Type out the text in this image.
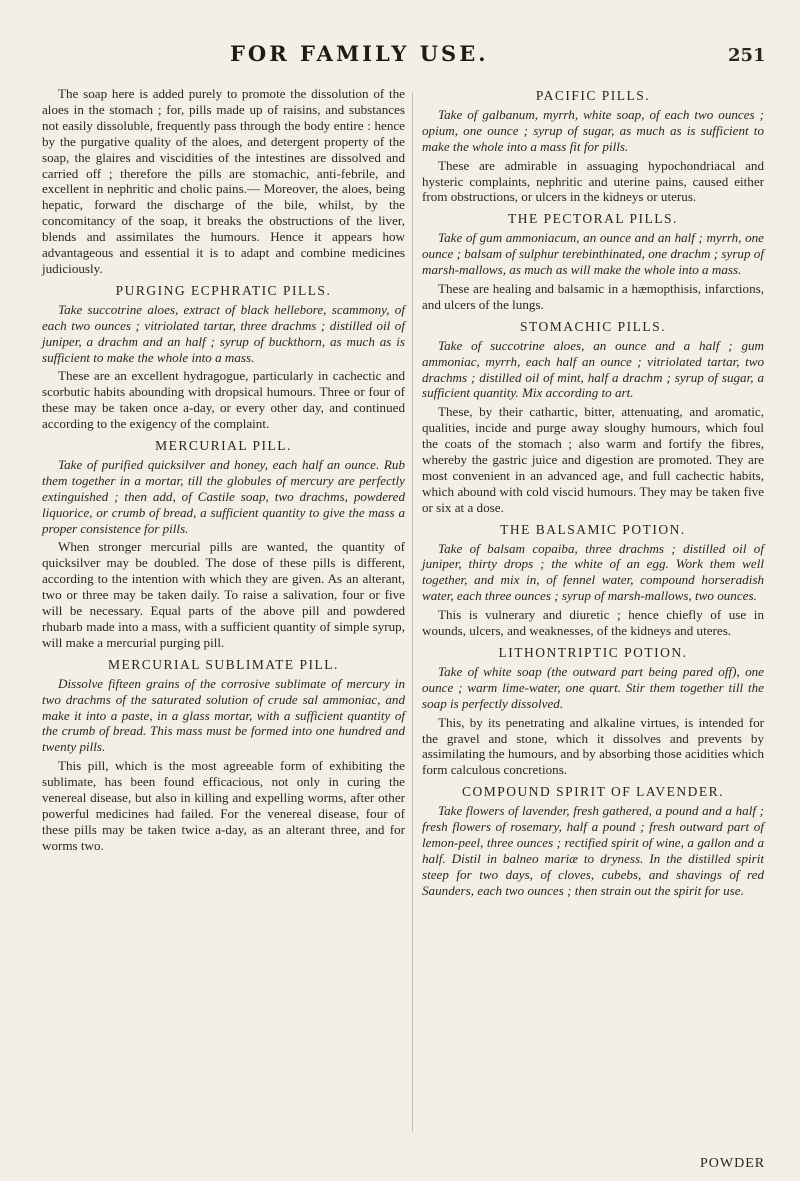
FOR FAMILY USE.	251

The soap here is added purely to promote the dissolution of the aloes in the stomach ; for, pills made up of raisins, and substances not easily dissoluble, frequently pass through the body entire : hence by the purgative quality of the aloes, and detergent property of the soap, the glaires and viscidities of the intestines are dissolved and carried off ; therefore the pills are stomachic, anti-febrile, and excellent in nephritic and cholic pains.— Moreover, the aloes, being hepatic, forward the discharge of the bile, whilst, by the concomitancy of the soap, it breaks the obstructions of the liver, blends and assimilates the humours. Hence it appears how advantageous and essential it is to adapt and combine medicines judiciously.

PURGING ECPHRATIC PILLS.

Take succotrine aloes, extract of black hellebore, scammony, of each two ounces ; vitriolated tartar, three drachms ; distilled oil of juniper, a drachm and an half ; syrup of buckthorn, as much as is sufficient to make the whole into a mass.

These are an excellent hydragogue, particularly in cachectic and scorbutic habits abounding with dropsical humours. Three or four of these may be taken once a-day, or every other day, and continued according to the exigency of the complaint.

MERCURIAL PILL.

Take of purified quicksilver and honey, each half an ounce. Rub them together in a mortar, till the globules of mercury are perfectly extinguished ; then add, of Castile soap, two drachms, powdered liquorice, or crumb of bread, a sufficient quantity to give the mass a proper consistence for pills.

When stronger mercurial pills are wanted, the quantity of quicksilver may be doubled. The dose of these pills is different, according to the intention with which they are given. As an alterant, two or three may be taken daily. To raise a salivation, four or five will be necessary. Equal parts of the above pill and powdered rhubarb made into a mass, with a sufficient quantity of simple syrup, will make a mercurial purging pill.

MERCURIAL SUBLIMATE PILL.

Dissolve fifteen grains of the corrosive sublimate of mercury in two drachms of the saturated solution of crude sal ammoniac, and make it into a paste, in a glass mortar, with a sufficient quantity of the crumb of bread. This mass must be formed into one hundred and twenty pills.

This pill, which is the most agreeable form of exhibiting the sublimate, has been found efficacious, not only in curing the venereal disease, but also in killing and expelling worms, after other powerful medicines had failed. For the venereal disease, four of these pills may be taken twice a-day, as an alterant three, and for worms two.

PACIFIC PILLS.

Take of galbanum, myrrh, white soap, of each two ounces ; opium, one ounce ; syrup of sugar, as much as is sufficient to make the whole into a mass fit for pills.

These are admirable in assuaging hypochondriacal and hysteric complaints, nephritic and uterine pains, caused either from obstructions, or ulcers in the kidneys or uterus.

THE PECTORAL PILLS.

Take of gum ammoniacum, an ounce and an half ; myrrh, one ounce ; balsam of sulphur terebinthinated, one drachm ; syrup of marsh-mallows, as much as will make the whole into a mass.

These are healing and balsamic in a hæmopthisis, infarctions, and ulcers of the lungs.

STOMACHIC PILLS.

Take of succotrine aloes, an ounce and a half ; gum ammoniac, myrrh, each half an ounce ; vitriolated tartar, two drachms ; distilled oil of mint, half a drachm ; syrup of sugar, a sufficient quantity. Mix according to art.

These, by their cathartic, bitter, attenuating, and aromatic, qualities, incide and purge away sloughy humours, which foul the coats of the stomach ; also warm and fortify the fibres, whereby the gastric juice and digestion are promoted. They are most convenient in an advanced age, and full cachectic habits, which abound with cold viscid humours. They may be taken five or six at a dose.

THE BALSAMIC POTION.

Take of balsam copaiba, three drachms ; distilled oil of juniper, thirty drops ; the white of an egg. Work them well together, and mix in, of fennel water, compound horseradish water, each three ounces ; syrup of marsh-mallows, two ounces.

This is vulnerary and diuretic ; hence chiefly of use in wounds, ulcers, and weaknesses, of the kidneys and uteres.

LITHONTRIPTIC POTION.

Take of white soap (the outward part being pared off), one ounce ; warm lime-water, one quart. Stir them together till the soap is perfectly dissolved.

This, by its penetrating and alkaline virtues, is intended for the gravel and stone, which it dissolves and prevents by assimilating the humours, and by absorbing those acidities which form calculous concretions.

COMPOUND SPIRIT OF LAVENDER.

Take flowers of lavender, fresh gathered, a pound and a half ; fresh flowers of rosemary, half a pound ; fresh outward part of lemon-peel, three ounces ; rectified spirit of wine, a gallon and a half. Distil in balneo mariæ to dryness. In the distilled spirit steep for two days, of cloves, cubebs, and shavings of red Saunders, each two ounces ; then strain out the spirit for use.

POWDER
